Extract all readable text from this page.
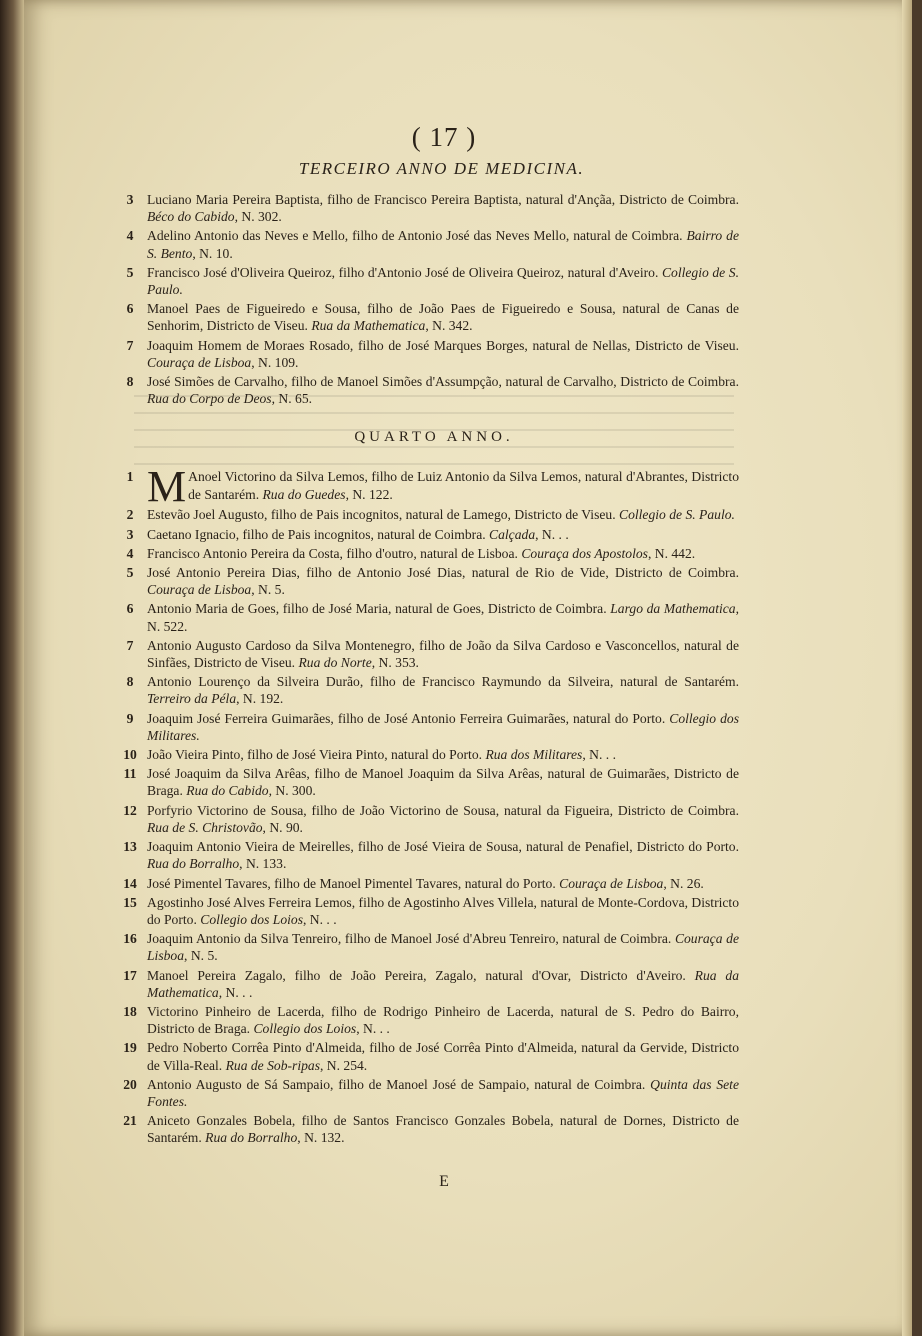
( 17 )
TERCEIRO ANNO DE MEDICINA.
3	Luciano Maria Pereira Baptista, filho de Francisco Pereira Baptista, natural d'Ançãa, Districto de Coimbra. Béco do Cabido, N. 302.
4	Adelino Antonio das Neves e Mello, filho de Antonio José das Neves Mello, natural de Coimbra. Bairro de S. Bento, N. 10.
5	Francisco José d'Oliveira Queiroz, filho d'Antonio José de Oliveira Queiroz, natural d'Aveiro. Collegio de S. Paulo.
6	Manoel Paes de Figueiredo e Sousa, filho de João Paes de Figueiredo e Sousa, natural de Canas de Senhorim, Districto de Viseu. Rua da Mathematica, N. 342.
7	Joaquim Homem de Moraes Rosado, filho de José Marques Borges, natural de Nellas, Districto de Viseu. Couraça de Lisboa, N. 109.
8	José Simões de Carvalho, filho de Manoel Simões d'Assumpção, natural de Carvalho, Districto de Coimbra. Rua do Corpo de Deos, N. 65.
QUARTO ANNO.
1 M Anoel Victorino da Silva Lemos, filho de Luiz Antonio da Silva Lemos, natural d'Abrantes, Districto de Santarém. Rua do Guedes, N. 122.
2	Estevão Joel Augusto, filho de Pais incognitos, natural de Lamego, Districto de Viseu. Collegio de S. Paulo.
3	Caetano Ignacio, filho de Pais incognitos, natural de Coimbra. Calçada, N. . .
4	Francisco Antonio Pereira da Costa, filho d'outro, natural de Lisboa. Couraça dos Apostolos, N. 442.
5	José Antonio Pereira Dias, filho de Antonio José Dias, natural de Rio de Vide, Districto de Coimbra. Couraça de Lisboa, N. 5.
6	Antonio Maria de Goes, filho de José Maria, natural de Goes, Districto de Coimbra. Largo da Mathematica, N. 522.
7	Antonio Augusto Cardoso da Silva Montenegro, filho de João da Silva Cardoso e Vasconcellos, natural de Sinfães, Districto de Viseu. Rua do Norte, N. 353.
8	Antonio Lourenço da Silveira Durão, filho de Francisco Raymundo da Silveira, natural de Santarém. Terreiro da Péla, N. 192.
9	Joaquim José Ferreira Guimarães, filho de José Antonio Ferreira Guimarães, natural do Porto. Collegio dos Militares.
10 João Vieira Pinto, filho de José Vieira Pinto, natural do Porto. Rua dos Militares, N. . .
11 José Joaquim da Silva Arêas, filho de Manoel Joaquim da Silva Arêas, natural de Guimarães, Districto de Braga. Rua do Cabido, N. 300.
12 Porfyrio Victorino de Sousa, filho de João Victorino de Sousa, natural da Figueira, Districto de Coimbra. Rua de S. Christovão, N. 90.
13 Joaquim Antonio Vieira de Meirelles, filho de José Vieira de Sousa, natural de Penafiel, Districto do Porto. Rua do Borralho, N. 133.
14 José Pimentel Tavares, filho de Manoel Pimentel Tavares, natural do Porto. Couraça de Lisboa, N. 26.
15 Agostinho José Alves Ferreira Lemos, filho de Agostinho Alves Villela, natural de Monte-Cordova, Districto do Porto. Collegio dos Loios, N. . .
16 Joaquim Antonio da Silva Tenreiro, filho de Manoel José d'Abreu Tenreiro, natural de Coimbra. Couraça de Lisboa, N. 5.
17 Manoel Pereira Zagalo, filho de João Pereira, Zagalo, natural d'Ovar, Districto d'Aveiro. Rua da Mathematica, N. . .
18 Victorino Pinheiro de Lacerda, filho de Rodrigo Pinheiro de Lacerda, natural de S. Pedro do Bairro, Districto de Braga. Collegio dos Loios, N. . .
19 Pedro Noberto Corrêa Pinto d'Almeida, filho de José Corrêa Pinto d'Almeida, natural da Gervide, Districto de Villa-Real. Rua de Sob-ripas, N. 254.
20 Antonio Augusto de Sá Sampaio, filho de Manoel José de Sampaio, natural de Coimbra. Quinta das Sete Fontes.
21 Aniceto Gonzales Bobela, filho de Santos Francisco Gonzales Bobela, natural de Dornes, Districto de Santarém. Rua do Borralho, N. 132.
E
